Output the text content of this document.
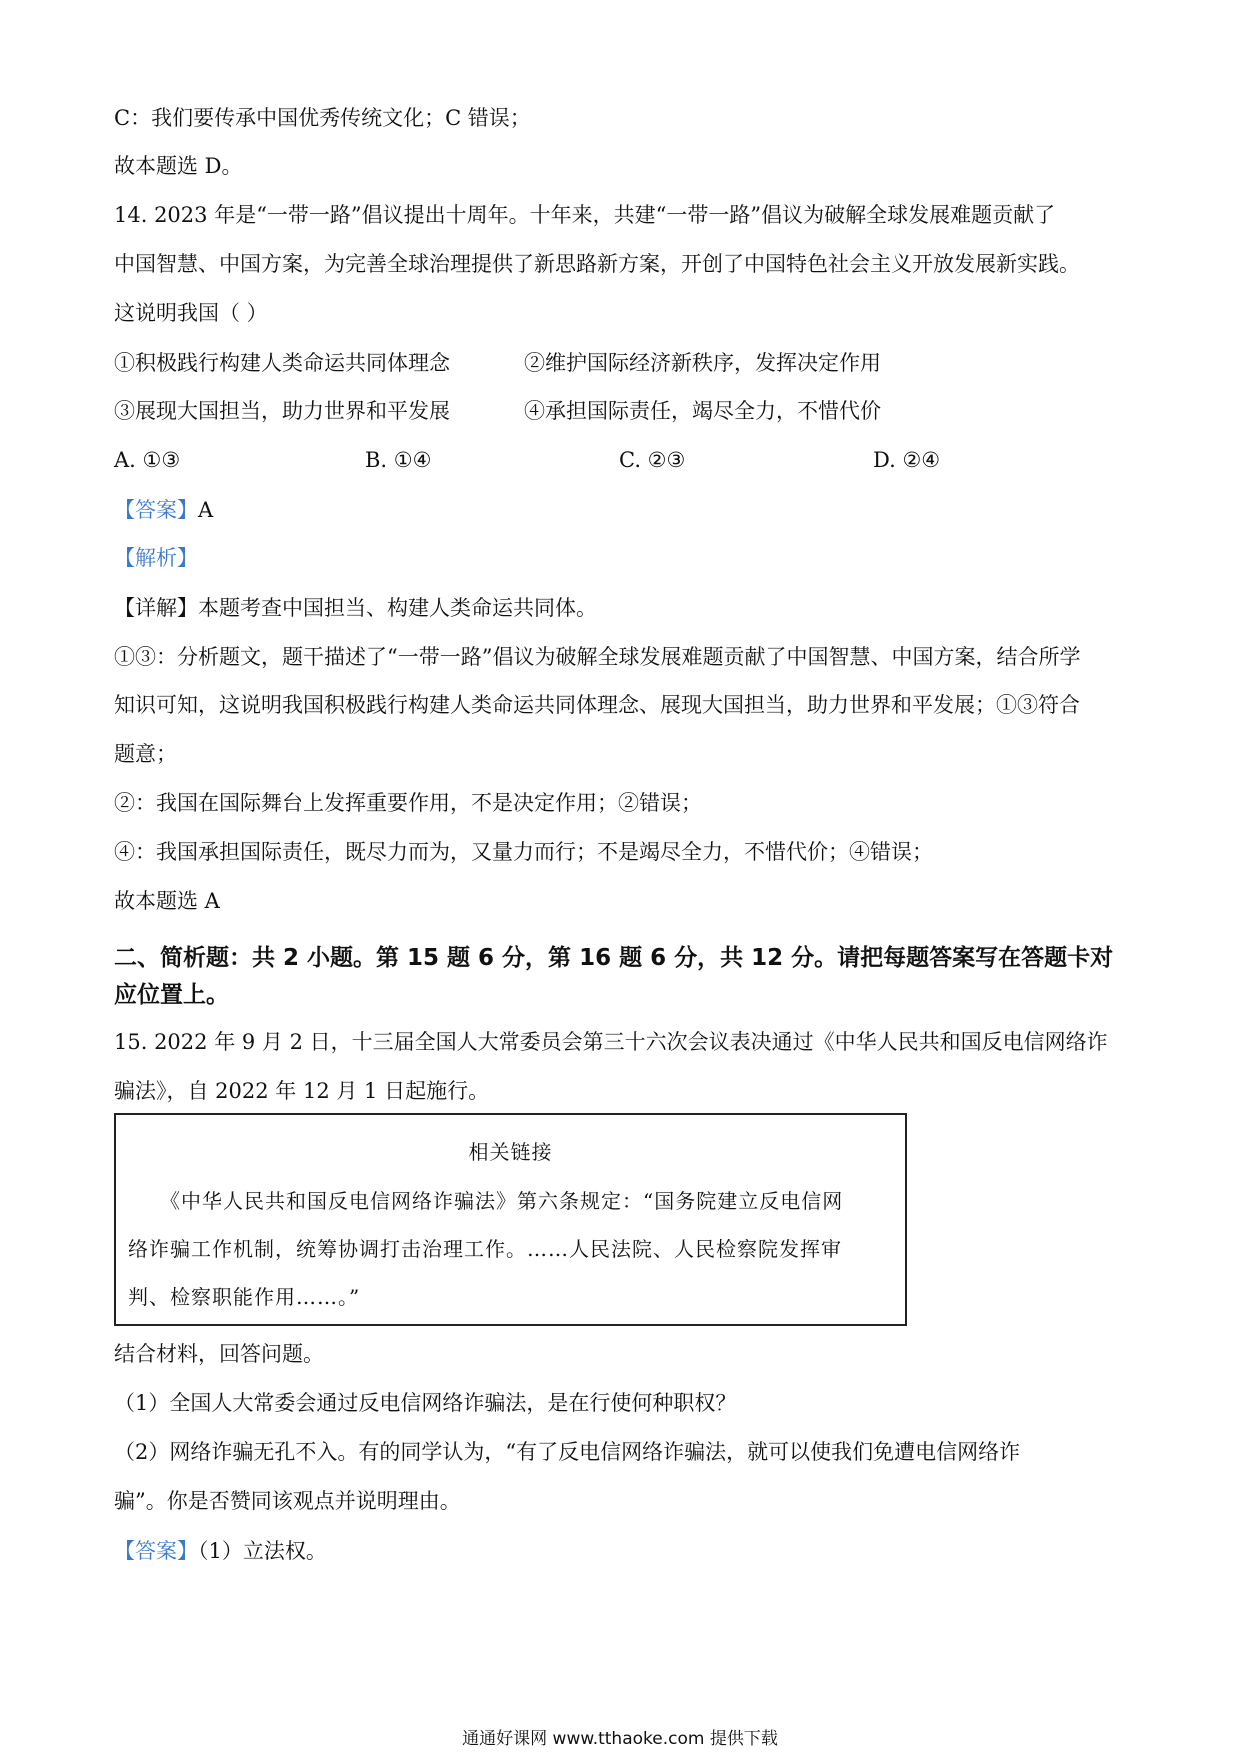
C：我们要传承中国优秀传统文化；C 错误；

故本题选 D。

14. 2023 年是“一带一路”倡议提出十周年。十年来，共建“一带一路”倡议为破解全球发展难题贡献了

中国智慧、中国方案，为完善全球治理提供了新思路新方案，开创了中国特色社会主义开放发展新实践。

这说明我国（ ）

①积极践行构建人类命运共同体理念	②维护国际经济新秩序，发挥决定作用
③展现大国担当，助力世界和平发展	④承担国际责任，竭尽全力，不惜代价
A. ①③	B. ①④	C. ②③	D. ②④

【答案】A

【解析】

【详解】本题考查中国担当、构建人类命运共同体。

①③：分析题文，题干描述了“一带一路”倡议为破解全球发展难题贡献了中国智慧、中国方案，结合所学

知识可知，这说明我国积极践行构建人类命运共同体理念、展现大国担当，助力世界和平发展；①③符合

题意；

②：我国在国际舞台上发挥重要作用，不是决定作用；②错误；

④：我国承担国际责任，既尽力而为，又量力而行；不是竭尽全力，不惜代价；④错误；

故本题选 A

二、简析题：共 2 小题。第 15 题 6 分，第 16 题 6 分，共 12 分。请把每题答案写在答题卡对应位置上。

15. 2022 年 9 月 2 日，十三届全国人大常委员会第三十六次会议表决通过《中华人民共和国反电信网络诈

骗法》，自 2022 年 12 月 1 日起施行。

相关链接
　　《中华人民共和国反电信网络诈骗法》第六条规定：“国务院建立反电信网
络诈骗工作机制，统筹协调打击治理工作。……人民法院、人民检察院发挥审
判、检察职能作用……。”

结合材料，回答问题。

（1）全国人大常委会通过反电信网络诈骗法，是在行使何种职权？

（2）网络诈骗无孔不入。有的同学认为，“有了反电信网络诈骗法，就可以使我们免遭电信网络诈

骗”。你是否赞同该观点并说明理由。

【答案】（1）立法权。

通通好课网 www.tthaoke.com 提供下载
